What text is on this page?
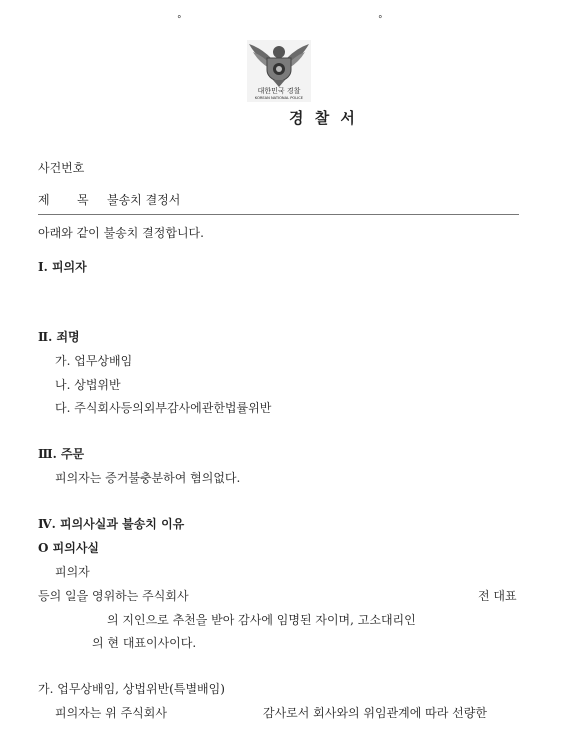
°	°
대한민국 경찰
KOREAN NATIONAL POLICE
경 찰 서
사건번호
제 목 불송치 결정서
아래와 같이 불송치 결정합니다.
Ⅰ. 피의자
Ⅱ. 죄명
가. 업무상배임
나. 상법위반
다. 주식회사등의외부감사에관한법률위반
Ⅲ. 주문
피의자는 증거불충분하여 혐의없다.
Ⅳ. 피의사실과 불송치 이유
O 피의사실
피의자
등의 일을 영위하는 주식회사	전 대표
의 지인으로 추천을 받아 감사에 임명된 자이며, 고소대리인
의 현 대표이사이다.
가. 업무상배임, 상법위반(특별배임)
피의자는 위 주식회사	감사로서 회사와의 위임관계에 따라 선량한
